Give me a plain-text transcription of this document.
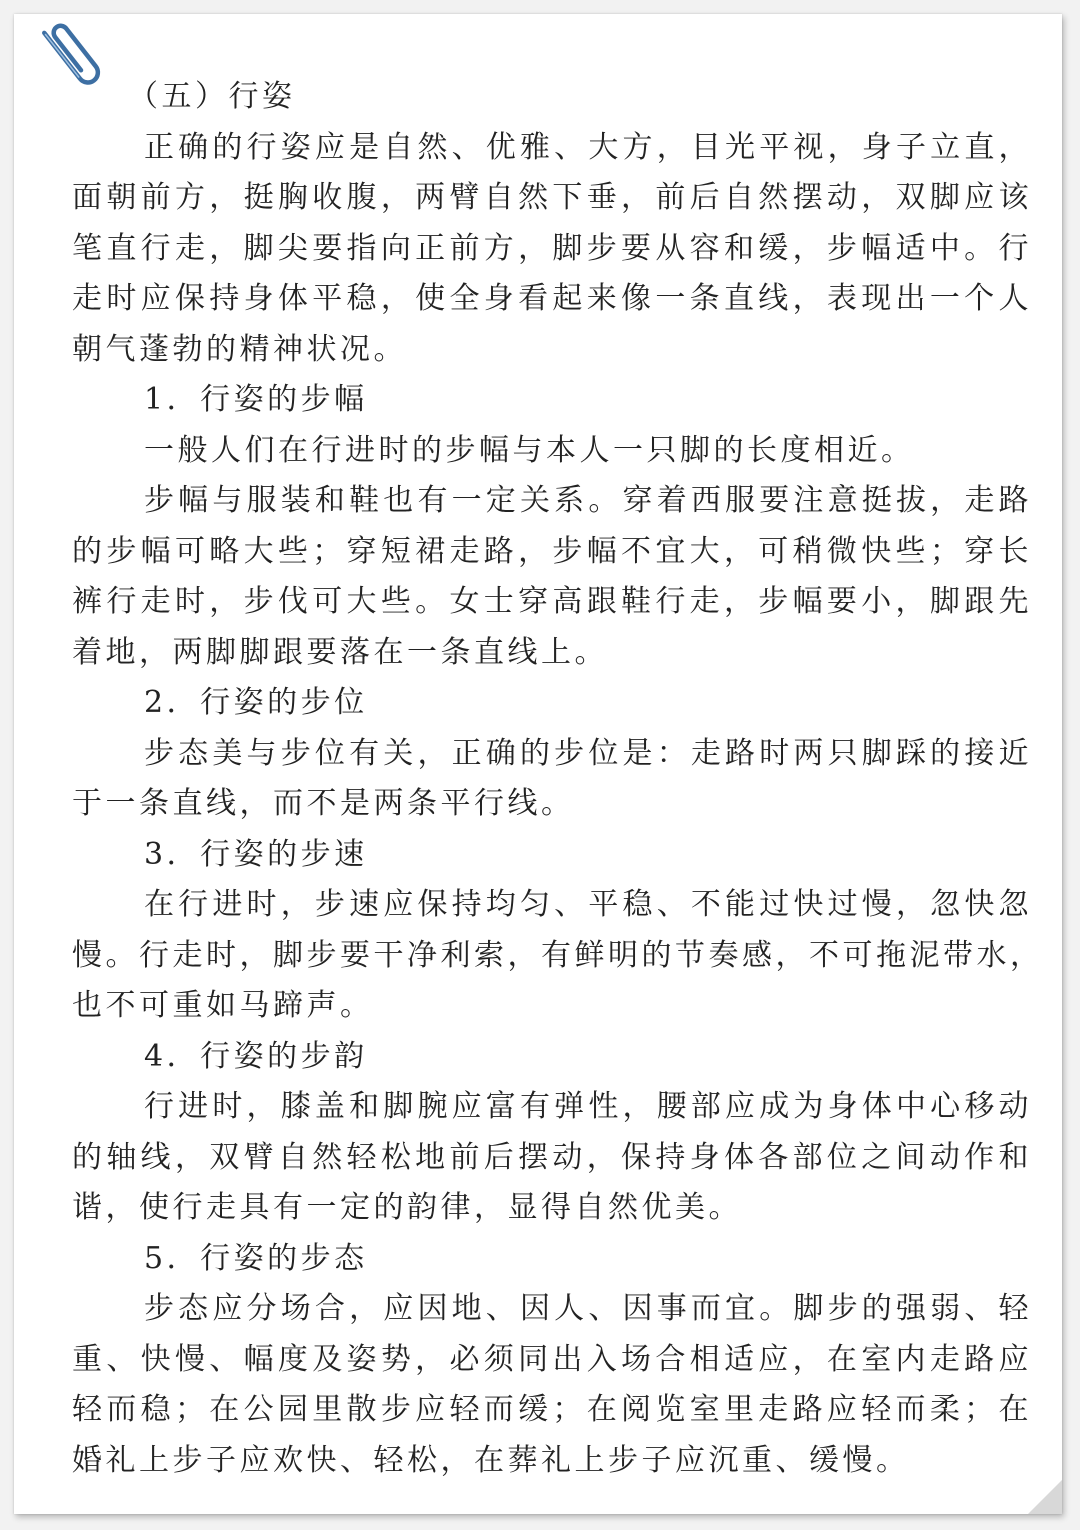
（五）行姿

正确的行姿应是自然、优雅、大方，目光平视，身子立直，

面朝前方，挺胸收腹，两臂自然下垂，前后自然摆动，双脚应该

笔直行走，脚尖要指向正前方，脚步要从容和缓，步幅适中。行

走时应保持身体平稳，使全身看起来像一条直线，表现出一个人

朝气蓬勃的精神状况。

1．行姿的步幅

一般人们在行进时的步幅与本人一只脚的长度相近。

步幅与服装和鞋也有一定关系。穿着西服要注意挺拔，走路

的步幅可略大些；穿短裙走路，步幅不宜大，可稍微快些；穿长

裤行走时，步伐可大些。女士穿高跟鞋行走，步幅要小，脚跟先

着地，两脚脚跟要落在一条直线上。

2．行姿的步位

步态美与步位有关，正确的步位是：走路时两只脚踩的接近

于一条直线，而不是两条平行线。

3．行姿的步速

在行进时，步速应保持均匀、平稳、不能过快过慢，忽快忽

慢。行走时，脚步要干净利索，有鲜明的节奏感，不可拖泥带水，

也不可重如马蹄声。

4．行姿的步韵

行进时，膝盖和脚腕应富有弹性，腰部应成为身体中心移动

的轴线，双臂自然轻松地前后摆动，保持身体各部位之间动作和

谐，使行走具有一定的韵律，显得自然优美。

5．行姿的步态

步态应分场合，应因地、因人、因事而宜。脚步的强弱、轻

重、快慢、幅度及姿势，必须同出入场合相适应，在室内走路应

轻而稳；在公园里散步应轻而缓；在阅览室里走路应轻而柔；在

婚礼上步子应欢快、轻松，在葬礼上步子应沉重、缓慢。
